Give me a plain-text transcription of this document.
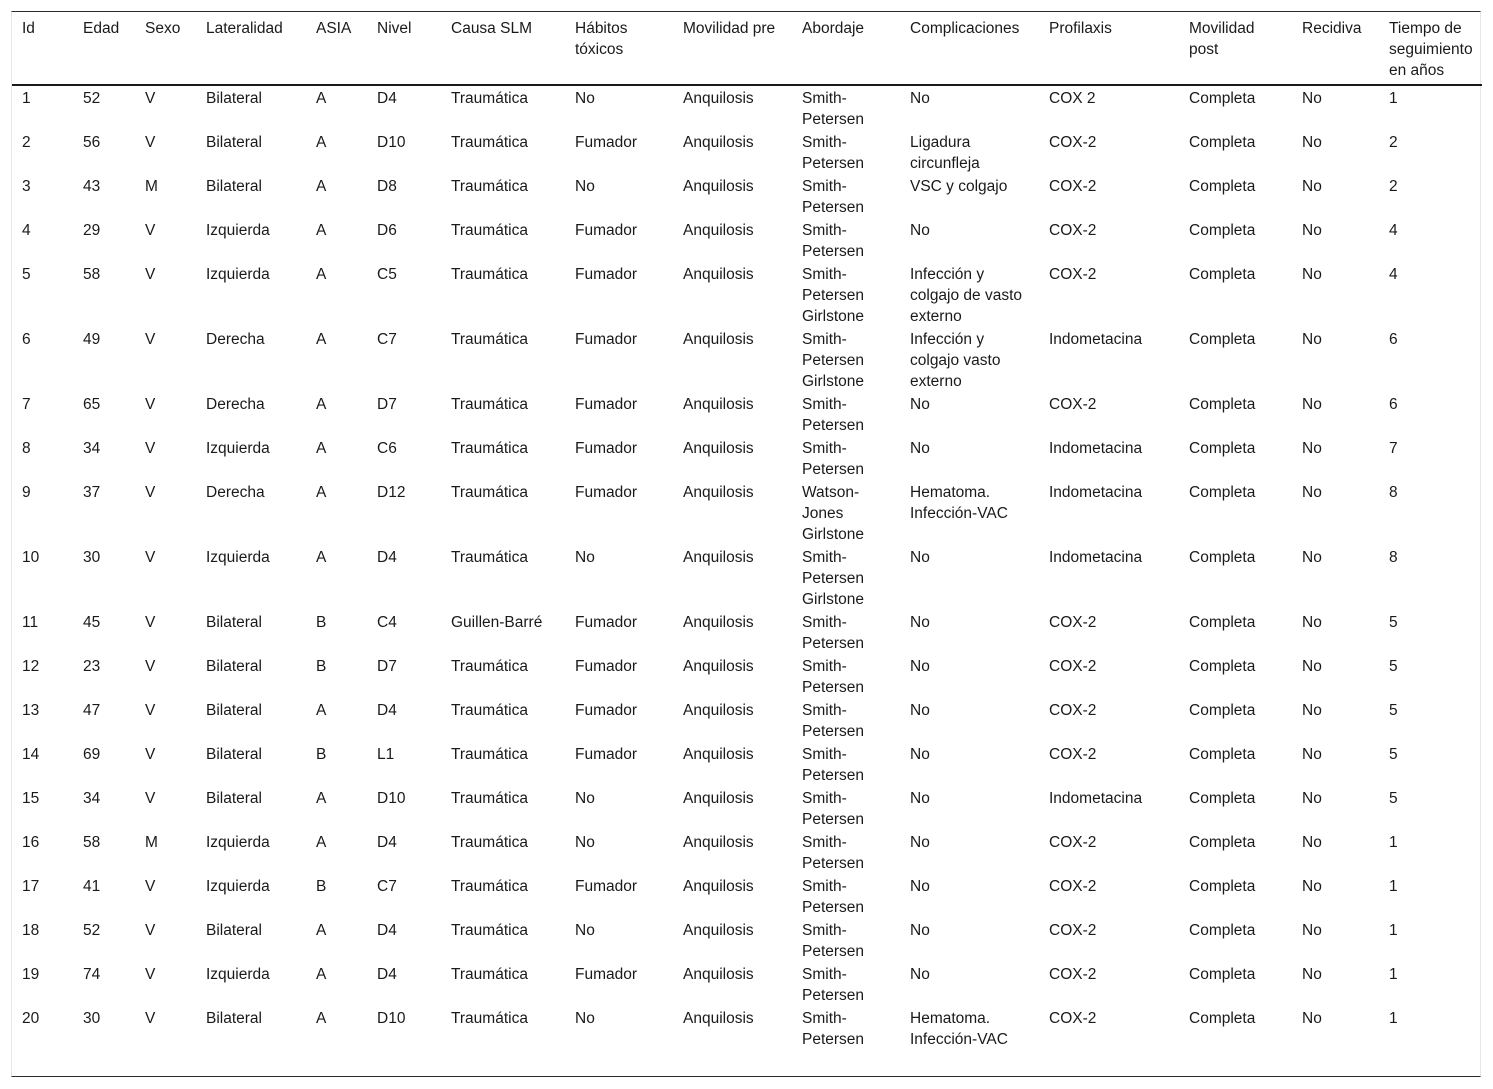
Id	Edad	Sexo	Lateralidad	ASIA	Nivel	Causa SLM	Hábitos tóxicos	Movilidad pre	Abordaje	Complicaciones	Profilaxis	Movilidad post	Recidiva	Tiempo de seguimiento en años
1	52	V	Bilateral	A	D4	Traumática	No	Anquilosis	Smith-Petersen	No	COX 2	Completa	No	1
2	56	V	Bilateral	A	D10	Traumática	Fumador	Anquilosis	Smith-Petersen	Ligadura circunfleja	COX-2	Completa	No	2
3	43	M	Bilateral	A	D8	Traumática	No	Anquilosis	Smith-Petersen	VSC y colgajo	COX-2	Completa	No	2
4	29	V	Izquierda	A	D6	Traumática	Fumador	Anquilosis	Smith-Petersen	No	COX-2	Completa	No	4
5	58	V	Izquierda	A	C5	Traumática	Fumador	Anquilosis	Smith-Petersen Girlstone	Infección y colgajo de vasto externo	COX-2	Completa	No	4
6	49	V	Derecha	A	C7	Traumática	Fumador	Anquilosis	Smith-Petersen Girlstone	Infección y colgajo vasto externo	Indometacina	Completa	No	6
7	65	V	Derecha	A	D7	Traumática	Fumador	Anquilosis	Smith-Petersen	No	COX-2	Completa	No	6
8	34	V	Izquierda	A	C6	Traumática	Fumador	Anquilosis	Smith-Petersen	No	Indometacina	Completa	No	7
9	37	V	Derecha	A	D12	Traumática	Fumador	Anquilosis	Watson-Jones Girlstone	Hematoma. Infección-VAC	Indometacina	Completa	No	8
10	30	V	Izquierda	A	D4	Traumática	No	Anquilosis	Smith-Petersen Girlstone	No	Indometacina	Completa	No	8
11	45	V	Bilateral	B	C4	Guillen-Barré	Fumador	Anquilosis	Smith-Petersen	No	COX-2	Completa	No	5
12	23	V	Bilateral	B	D7	Traumática	Fumador	Anquilosis	Smith-Petersen	No	COX-2	Completa	No	5
13	47	V	Bilateral	A	D4	Traumática	Fumador	Anquilosis	Smith-Petersen	No	COX-2	Completa	No	5
14	69	V	Bilateral	B	L1	Traumática	Fumador	Anquilosis	Smith-Petersen	No	COX-2	Completa	No	5
15	34	V	Bilateral	A	D10	Traumática	No	Anquilosis	Smith-Petersen	No	Indometacina	Completa	No	5
16	58	M	Izquierda	A	D4	Traumática	No	Anquilosis	Smith-Petersen	No	COX-2	Completa	No	1
17	41	V	Izquierda	B	C7	Traumática	Fumador	Anquilosis	Smith-Petersen	No	COX-2	Completa	No	1
18	52	V	Bilateral	A	D4	Traumática	No	Anquilosis	Smith-Petersen	No	COX-2	Completa	No	1
19	74	V	Izquierda	A	D4	Traumática	Fumador	Anquilosis	Smith-Petersen	No	COX-2	Completa	No	1
20	30	V	Bilateral	A	D10	Traumática	No	Anquilosis	Smith-Petersen	Hematoma. Infección-VAC	COX-2	Completa	No	1
